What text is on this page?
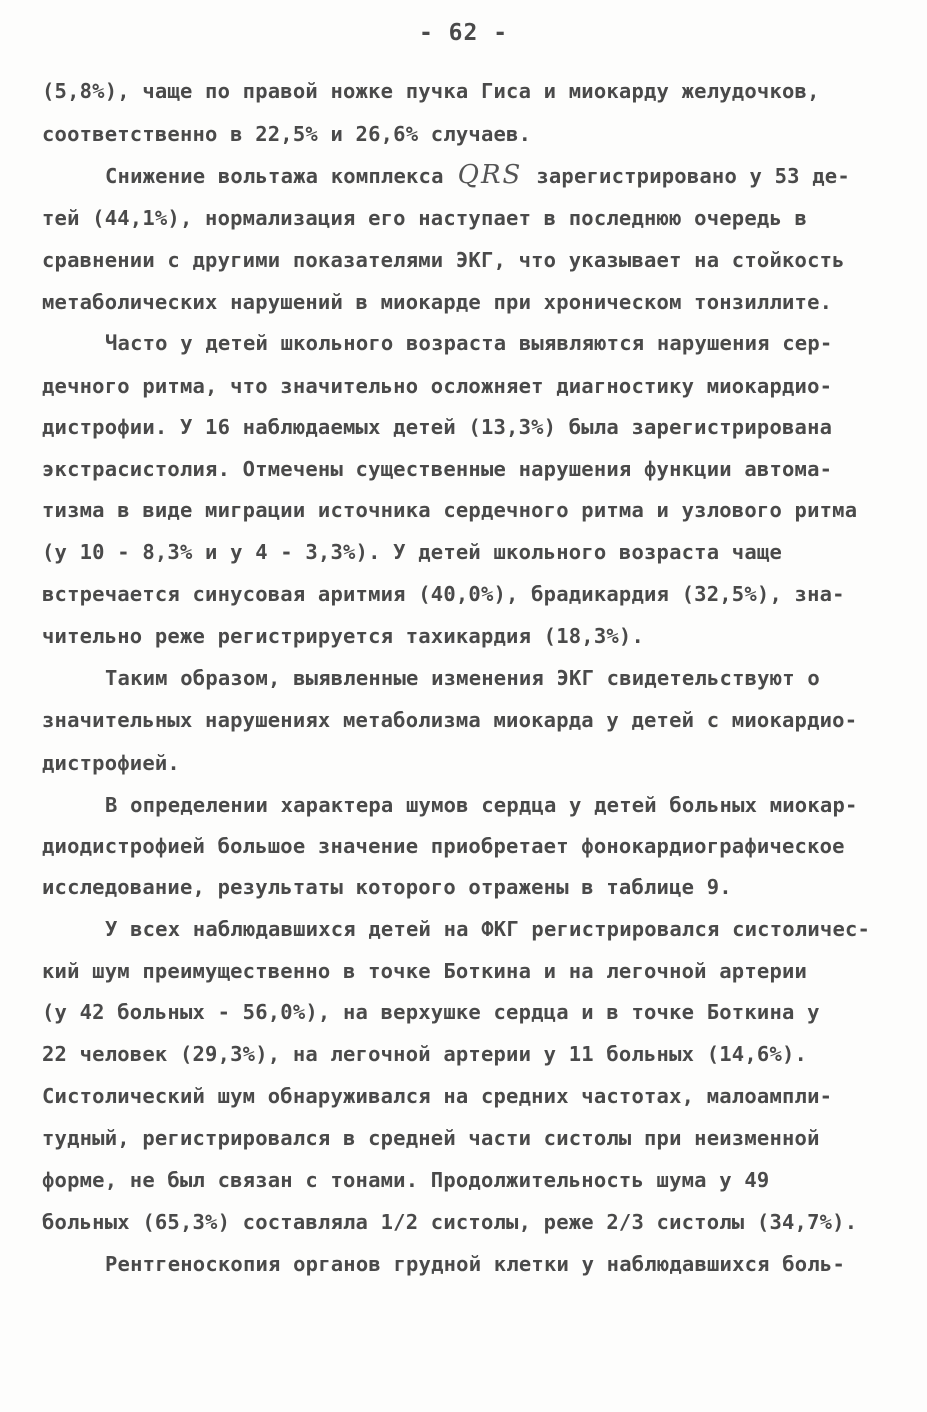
- 62 -
(5,8%), чаще по правой ножке пучка Гиса и миокарду желудочков,
соответственно в 22,5% и 26,6% случаев.
Снижение вольтажа комплекса QRS зарегистрировано у 53 де-
тей (44,1%), нормализация его наступает в последнюю очередь в
сравнении с другими показателями ЭКГ, что указывает на стойкость
метаболических нарушений в миокарде при хроническом тонзиллите.
Часто у детей школьного возраста выявляются нарушения сер-
дечного ритма, что значительно осложняет диагностику миокардио-
дистрофии. У 16 наблюдаемых детей (13,3%) была зарегистрирована
экстрасистолия. Отмечены существенные нарушения функции автома-
тизма в виде миграции источника сердечного ритма и узлового ритма
(у 10 - 8,3% и у 4 - 3,3%). У детей школьного возраста чаще
встречается синусовая аритмия (40,0%), брадикардия (32,5%), зна-
чительно реже регистрируется тахикардия (18,3%).
Таким образом, выявленные изменения ЭКГ свидетельствуют о
значительных нарушениях метаболизма миокарда у детей с миокардио-
дистрофией.
В определении характера шумов сердца у детей больных миокар-
диодистрофией большое значение приобретает фонокардиографическое
исследование, результаты которого отражены в таблице 9.
У всех наблюдавшихся детей на ФКГ регистрировался систоличес-
кий шум преимущественно в точке Боткина и на легочной артерии
(у 42 больных - 56,0%), на верхушке сердца и в точке Боткина у
22 человек (29,3%), на легочной артерии у 11 больных (14,6%).
Систолический шум обнаруживался на средних частотах, малоампли-
тудный, регистрировался в средней части систолы при неизменной
форме, не был связан с тонами. Продолжительность шума у 49
больных (65,3%) составляла 1/2 систолы, реже 2/3 систолы (34,7%).
Рентгеноскопия органов грудной клетки у наблюдавшихся боль-
